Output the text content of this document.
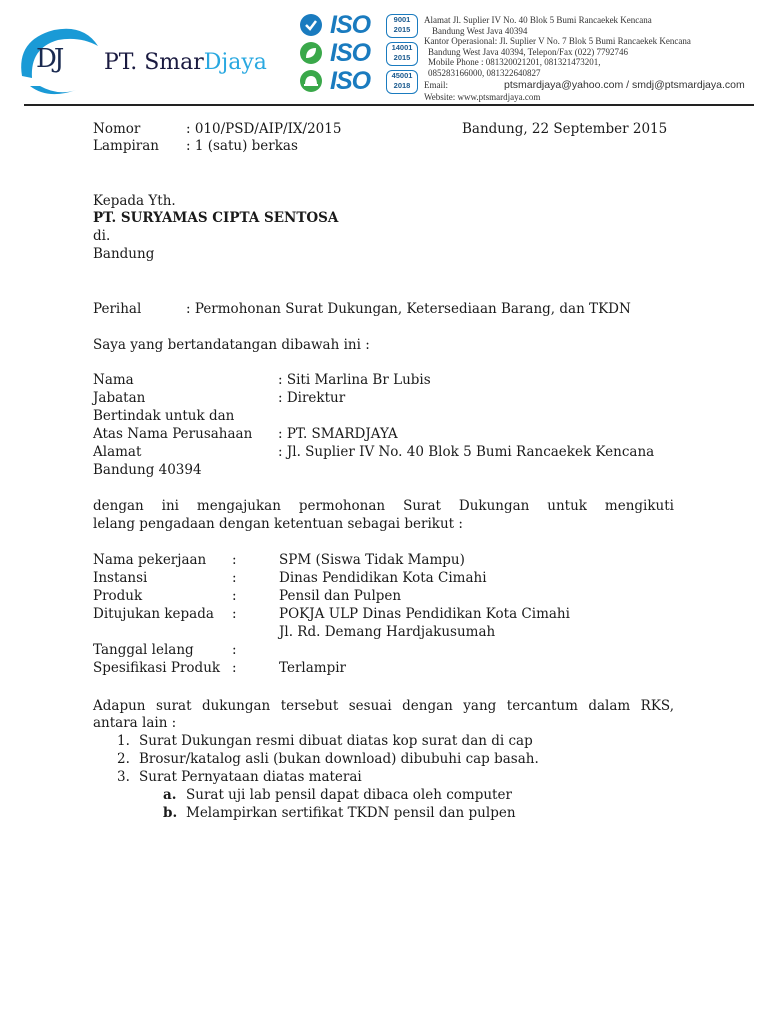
DJ PT. SmarDjaya
ISO	9001
2015
ISO	14001
2015
ISO	45001
2018
Alamat Jl. Suplier IV No. 40 Blok 5 Bumi Rancaekek Kencana
Bandung West Java 40394
Kantor Operasional: Jl. Suplier V No. 7 Blok 5 Bumi Rancaekek Kencana
Bandung West Java 40394, Telepon/Fax (022) 7792746
Mobile Phone : 081320021201, 081321473201,
085283166000, 081322640827
Email:	ptsmardjaya@yahoo.com / smdj@ptsmardjaya.com
Website: www.ptsmardjaya.com
Nomor	: 010/PSD/AIP/IX/2015	Bandung, 22 September 2015
Lampiran : 1 (satu) berkas
Kepada Yth.
PT. SURYAMAS CIPTA SENTOSA
di.
Bandung
Perihal	: Permohonan Surat Dukungan, Ketersediaan Barang, dan TKDN
Saya yang bertandatangan dibawah ini :
Nama	: Siti Marlina Br Lubis
Jabatan	: Direktur
Bertindak untuk dan
Atas Nama Perusahaan : PT. SMARDJAYA
Alamat	: Jl. Suplier IV No. 40 Blok 5 Bumi Rancaekek Kencana
Bandung 40394
dengan ini mengajukan permohonan Surat Dukungan untuk mengikuti
lelang pengadaan dengan ketentuan sebagai berikut :
Nama pekerjaan :	SPM (Siswa Tidak Mampu)
Instansi	:	Dinas Pendidikan Kota Cimahi
Produk	:	Pensil dan Pulpen
Ditujukan kepada :	POKJA ULP Dinas Pendidikan Kota Cimahi
Jl. Rd. Demang Hardjakusumah
Tanggal lelang	:
Spesifikasi Produk :	Terlampir
Adapun surat dukungan tersebut sesuai dengan yang tercantum dalam RKS,
antara lain :
1. Surat Dukungan resmi dibuat diatas kop surat dan di cap
2. Brosur/katalog asli (bukan download) dibubuhi cap basah.
3. Surat Pernyataan diatas materai
a. Surat uji lab pensil dapat dibaca oleh computer
b. Melampirkan sertifikat TKDN pensil dan pulpen
